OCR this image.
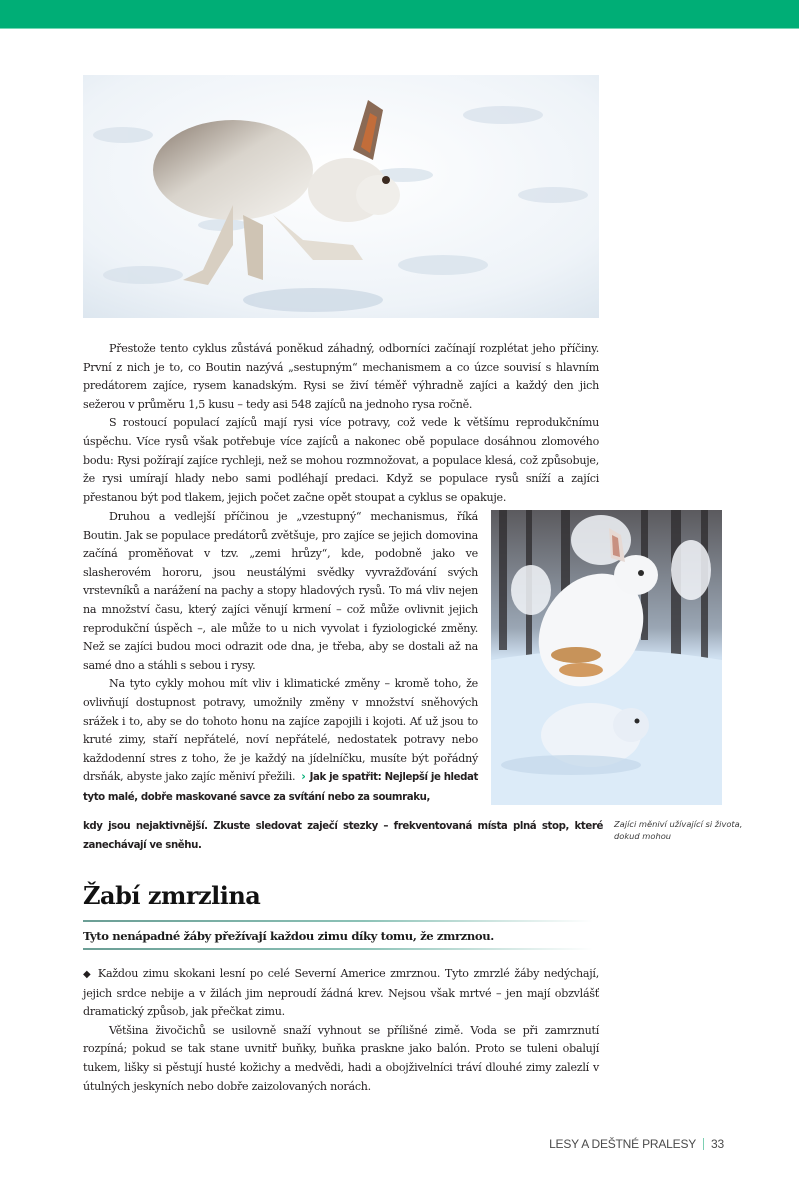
Přestože tento cyklus zůstává poněkud záhadný, odborníci začínají rozplétat jeho příčiny. První z nich je to, co Boutin nazývá „sestupným“ mechanismem a co úzce souvisí s hlavním predátorem zajíce, rysem kanadským. Rysi se živí téměř výhradně zajíci a každý den jich sežerou v průměru 1,5 kusu – tedy asi 548 zajíců na jednoho rysa ročně.

S rostoucí populací zajíců mají rysi více potravy, což vede k většímu reprodukčnímu úspěchu. Více rysů však potřebuje více zajíců a nakonec obě populace dosáhnou zlomového bodu: Rysi požírají zajíce rychleji, než se mohou rozmnožovat, a populace klesá, což způsobuje, že rysi umírají hlady nebo sami podléhají predaci. Když se populace rysů sníží a zajíci přestanou být pod tlakem, jejich počet začne opět stoupat a cyklus se opakuje.

Druhou a vedlejší příčinou je „vzestupný“ mechanismus, říká Boutin. Jak se populace predátorů zvětšuje, pro zajíce se jejich domovina začíná proměňovat v tzv. „zemi hrůzy“, kde, podobně jako ve slasherovém hororu, jsou neustálými svědky vyvražďování svých vrstevníků a narážení na pachy a stopy hladových rysů. To má vliv nejen na množství času, který zajíci věnují krmení – což může ovlivnit jejich reprodukční úspěch –, ale může to u nich vyvolat i fyziologické změny. Než se zajíci budou moci odrazit ode dna, je třeba, aby se dostali až na samé dno a stáhli s sebou i rysy.

Na tyto cykly mohou mít vliv i klimatické změny – kromě toho, že ovlivňují dostupnost potravy, umožnily změny v množství sněhových srážek i to, aby se do tohoto honu na zajíce zapojili i kojoti. Ať už jsou to kruté zimy, staří nepřátelé, noví nepřátelé, nedostatek potravy nebo každodenní stres z toho, že je každý na jídelníčku, musíte být pořádný drsňák, abyste jako zajíc měniví přežili. › Jak je spatřit: Nejlepší je hledat tyto malé, dobře maskované savce za svítání nebo za soumraku,

kdy jsou nejaktivnější. Zkuste sledovat zaječí stezky – frekventovaná místa plná stop, které zanechávají ve sněhu.
Zajíci měniví užívající si života, dokud mohou
Žabí zmrzlina

Tyto nenápadné žáby přežívají každou zimu díky tomu, že zmrznou.

◆ Každou zimu skokani lesní po celé Severní Americe zmrznou. Tyto zmrzlé žáby nedýchají, jejich srdce nebije a v žilách jim neproudí žádná krev. Nejsou však mrtvé – jen mají obzvlášť dramatický způsob, jak přečkat zimu.

Většina živočichů se usilovně snaží vyhnout se přílišné zimě. Voda se při zamrznutí rozpíná; pokud se tak stane uvnitř buňky, buňka praskne jako balón. Proto se tuleni obalují tukem, lišky si pěstují husté kožichy a medvědi, hadi a obojživelníci tráví dlouhé zimy zalezlí v útulných jeskyních nebo dobře zaizolovaných norách.

LESY A DEŠTNÉ PRALESY 33
